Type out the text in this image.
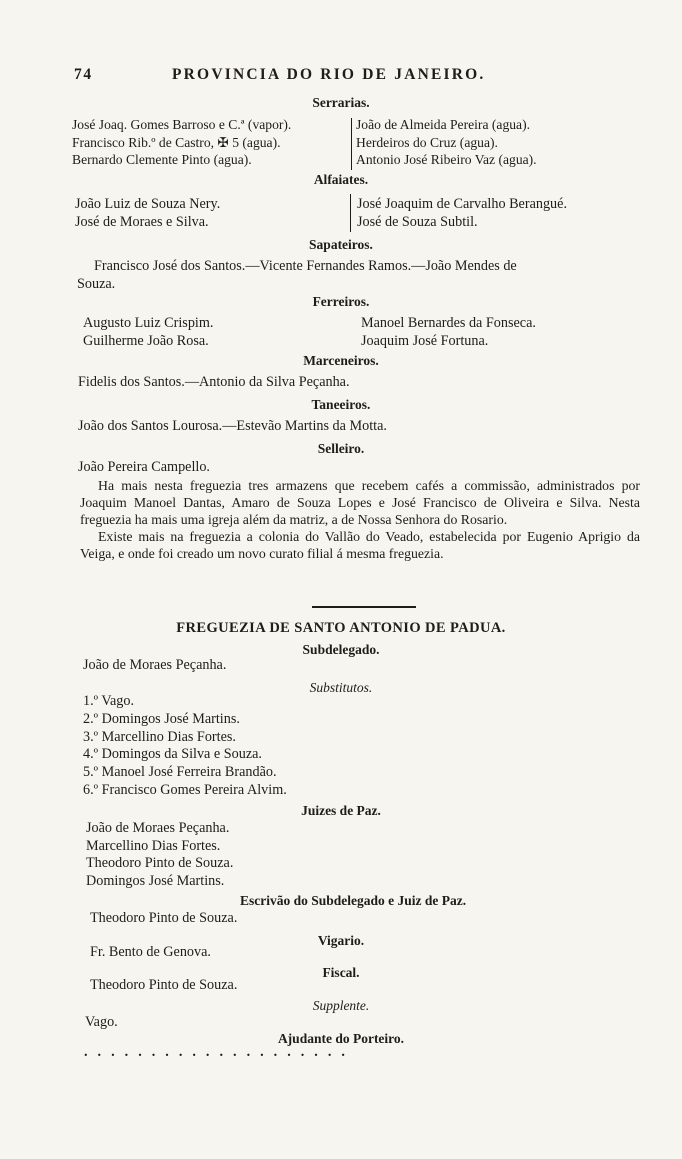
74	PROVINCIA DO RIO DE JANEIRO.
Serrarias.
José Joaq. Gomes Barroso e C.ª (vapor).
Francisco Rib.º de Castro, ✠ 5 (agua).
Bernardo Clemente Pinto (agua).
João de Almeida Pereira (agua).
Herdeiros do Cruz (agua).
Antonio José Ribeiro Vaz (agua).
Alfaiates.
João Luiz de Souza Nery.
José de Moraes e Silva.
José Joaquim de Carvalho Berangué.
José de Souza Subtil.
Sapateiros.
Francisco José dos Santos.—Vicente Fernandes Ramos.—João Mendes de
Souza.
Ferreiros.
Augusto Luiz Crispim.
Guilherme João Rosa.
Manoel Bernardes da Fonseca.
Joaquim José Fortuna.
Marceneiros.
Fidelis dos Santos.—Antonio da Silva Peçanha.
Taneeiros.
João dos Santos Lourosa.—Estevão Martins da Motta.
Selleiro.
João Pereira Campello.

Ha mais nesta freguezia tres armazens que recebem cafés a commissão, administrados por Joaquim Manoel Dantas, Amaro de Souza Lopes e José Francisco de Oliveira e Silva. Nesta freguezia ha mais uma igreja além da matriz, a de Nossa Senhora do Rosario.

Existe mais na freguezia a colonia do Vallão do Veado, estabelecida por Eugenio Aprigio da Veiga, e onde foi creado um novo curato filial á mesma freguezia.

FREGUEZIA DE SANTO ANTONIO DE PADUA.
Subdelegado.
João de Moraes Peçanha.
Substitutos.
1.º Vago.
2.º Domingos José Martins.
3.º Marcellino Dias Fortes.
4.º Domingos da Silva e Souza.
5.º Manoel José Ferreira Brandão.
6.º Francisco Gomes Pereira Alvim.
Juizes de Paz.
João de Moraes Peçanha.
Marcellino Dias Fortes.
Theodoro Pinto de Souza.
Domingos José Martins.
Escrivão do Subdelegado e Juiz de Paz.
Theodoro Pinto de Souza.
Vigario.
Fr. Bento de Genova.
Fiscal.
Theodoro Pinto de Souza.
Supplente.
Vago.
Ajudante do Porteiro.
....................
